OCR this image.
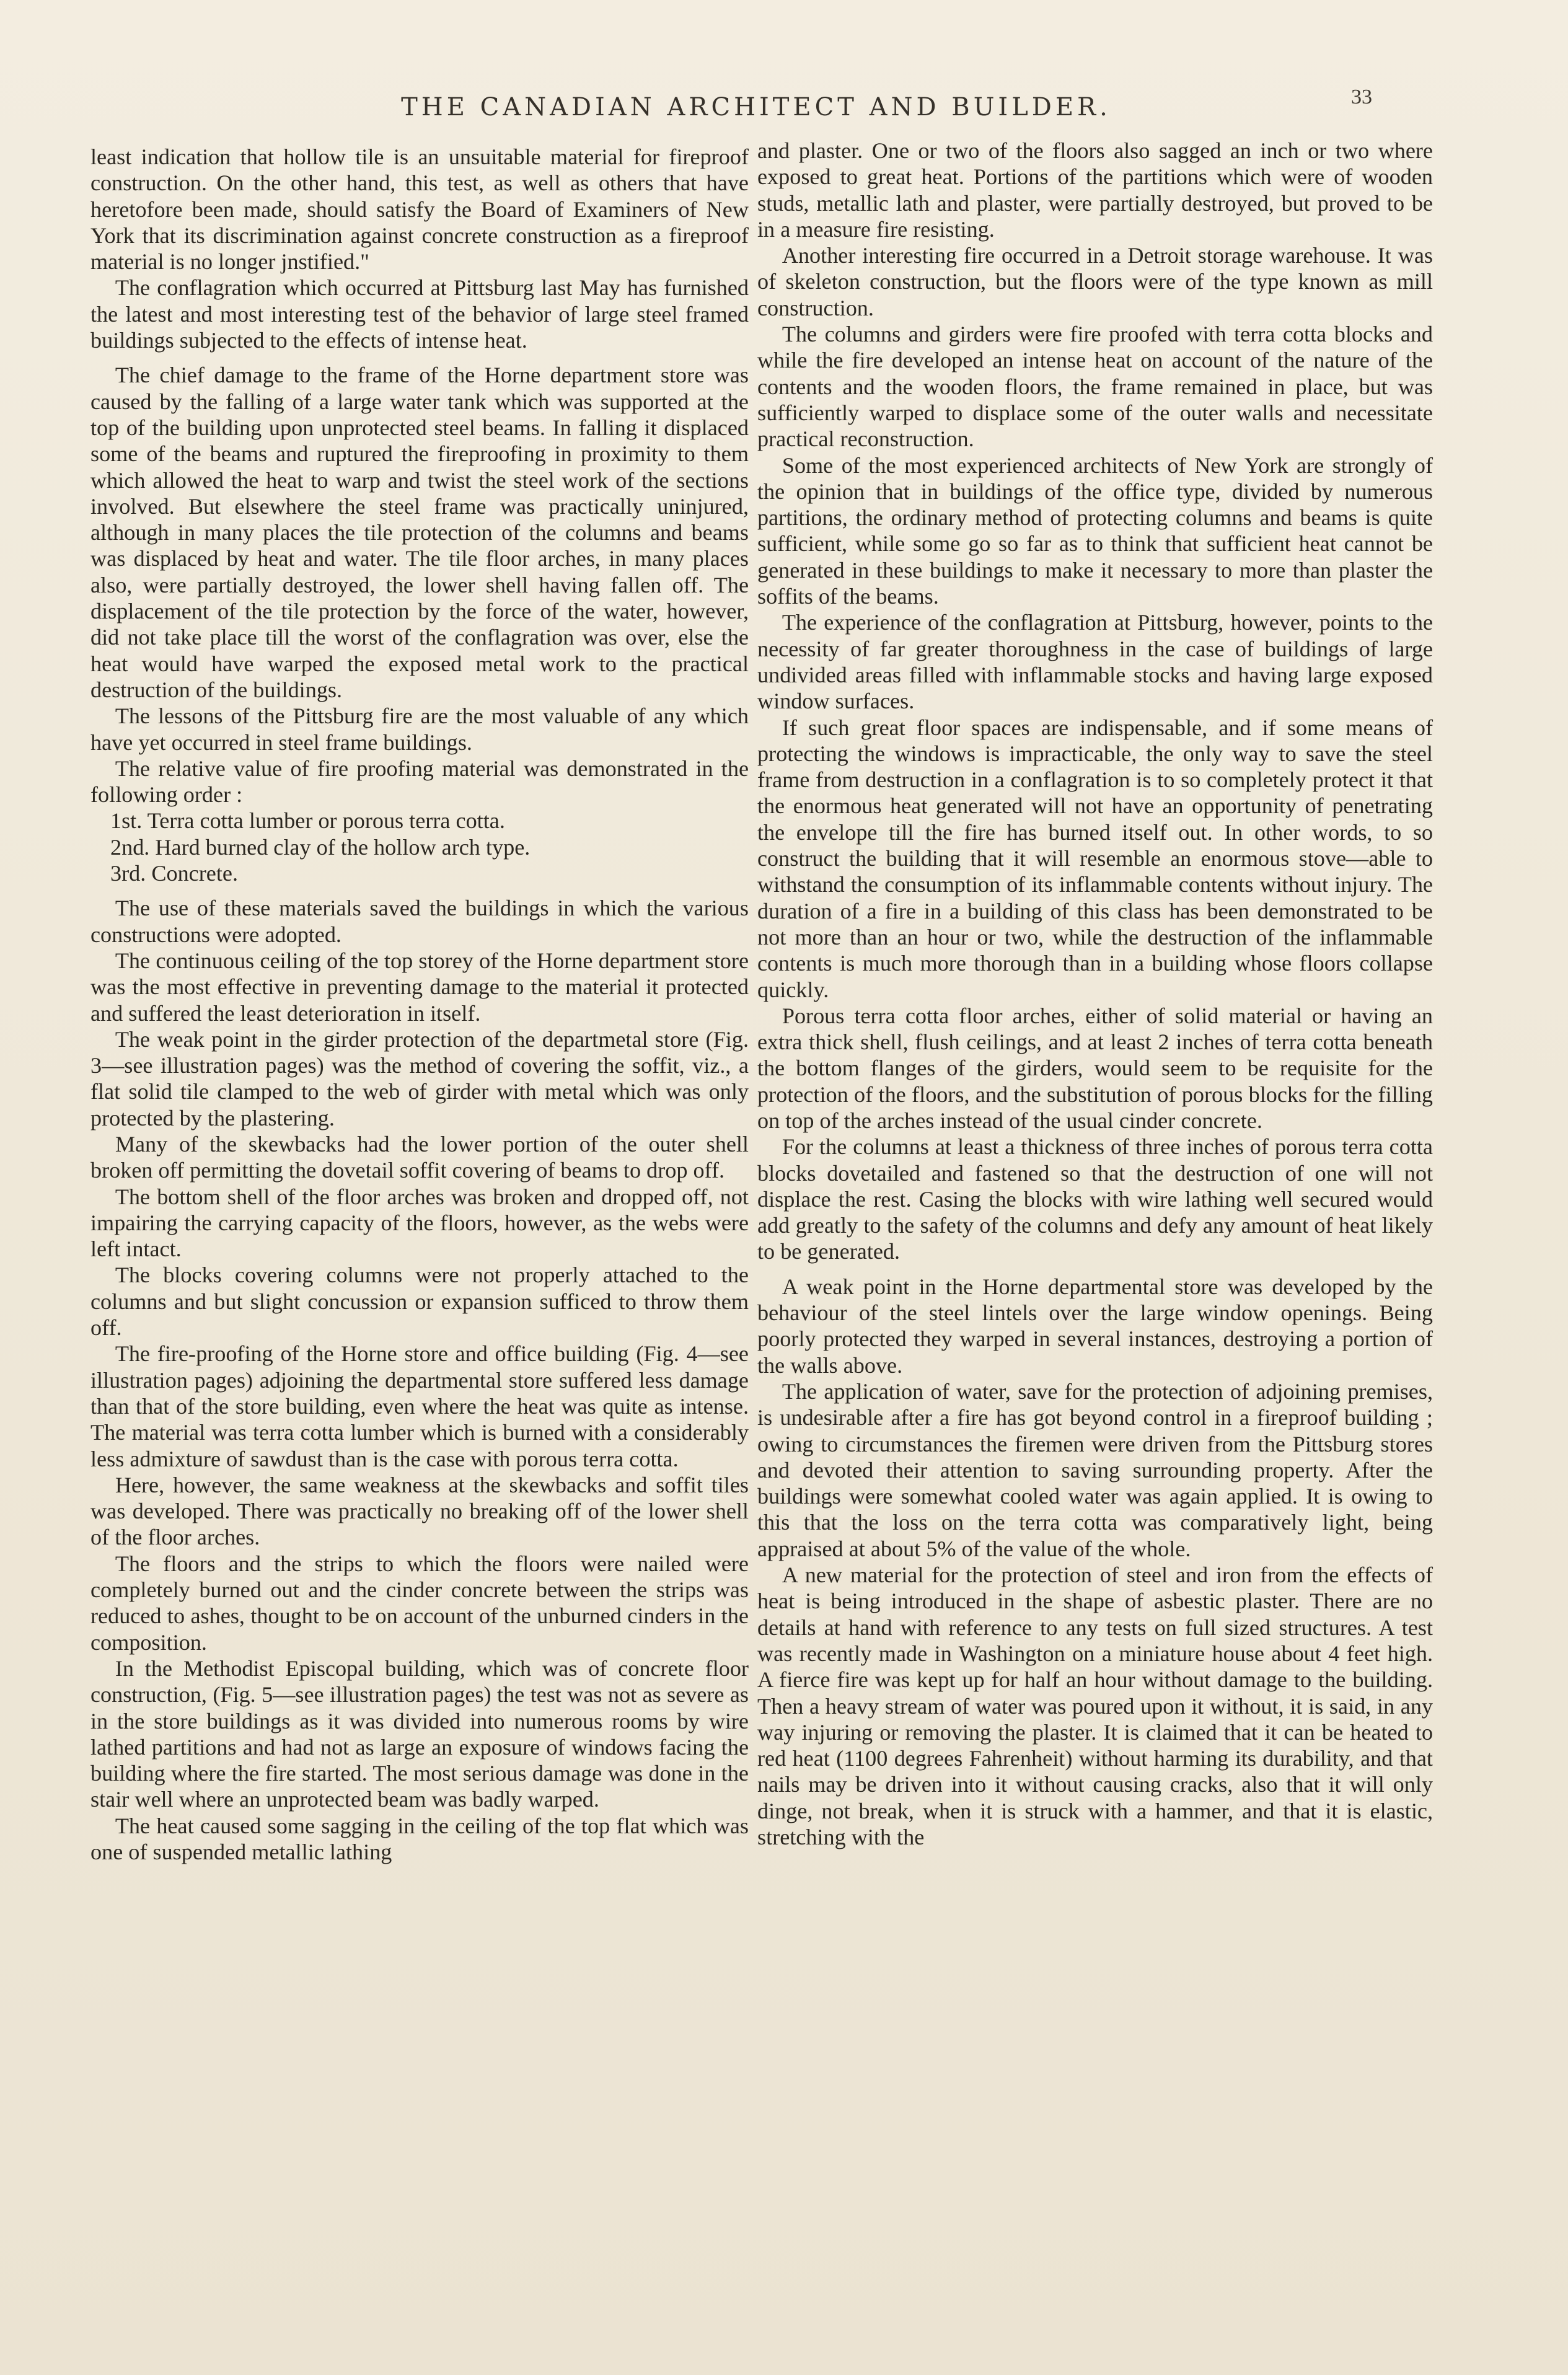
THE CANADIAN ARCHITECT AND BUILDER.	33

least indication that hollow tile is an unsuitable material for fireproof construction. On the other hand, this test, as well as others that have heretofore been made, should satisfy the Board of Examiners of New York that its discrimination against concrete construction as a fireproof material is no longer jnstified."

The conflagration which occurred at Pittsburg last May has furnished the latest and most interesting test of the behavior of large steel framed buildings subjected to the effects of intense heat.

The chief damage to the frame of the Horne department store was caused by the falling of a large water tank which was supported at the top of the building upon unprotected steel beams. In falling it displaced some of the beams and ruptured the fireproofing in proximity to them which allowed the heat to warp and twist the steel work of the sections involved. But elsewhere the steel frame was practically uninjured, although in many places the tile protection of the columns and beams was displaced by heat and water. The tile floor arches, in many places also, were partially destroyed, the lower shell having fallen off. The displacement of the tile protection by the force of the water, however, did not take place till the worst of the conflagration was over, else the heat would have warped the exposed metal work to the practical destruction of the buildings.

The lessons of the Pittsburg fire are the most valuable of any which have yet occurred in steel frame buildings.

The relative value of fire proofing material was demonstrated in the following order :

1st. Terra cotta lumber or porous terra cotta.

2nd. Hard burned clay of the hollow arch type.

3rd. Concrete.

The use of these materials saved the buildings in which the various constructions were adopted.

The continuous ceiling of the top storey of the Horne department store was the most effective in preventing damage to the material it protected and suffered the least deterioration in itself.

The weak point in the girder protection of the departmetal store (Fig. 3—see illustration pages) was the method of covering the soffit, viz., a flat solid tile clamped to the web of girder with metal which was only protected by the plastering.

Many of the skewbacks had the lower portion of the outer shell broken off permitting the dovetail soffit covering of beams to drop off.

The bottom shell of the floor arches was broken and dropped off, not impairing the carrying capacity of the floors, however, as the webs were left intact.

The blocks covering columns were not properly attached to the columns and but slight concussion or expansion sufficed to throw them off.

The fire-proofing of the Horne store and office building (Fig. 4—see illustration pages) adjoining the departmental store suffered less damage than that of the store building, even where the heat was quite as intense. The material was terra cotta lumber which is burned with a considerably less admixture of sawdust than is the case with porous terra cotta.

Here, however, the same weakness at the skewbacks and soffit tiles was developed. There was practically no breaking off of the lower shell of the floor arches.

The floors and the strips to which the floors were nailed were completely burned out and the cinder concrete between the strips was reduced to ashes, thought to be on account of the unburned cinders in the composition.

In the Methodist Episcopal building, which was of concrete floor construction, (Fig. 5—see illustration pages) the test was not as severe as in the store buildings as it was divided into numerous rooms by wire lathed partitions and had not as large an exposure of windows facing the building where the fire started. The most serious damage was done in the stair well where an unprotected beam was badly warped.

The heat caused some sagging in the ceiling of the top flat which was one of suspended metallic lathing

and plaster. One or two of the floors also sagged an inch or two where exposed to great heat. Portions of the partitions which were of wooden studs, metallic lath and plaster, were partially destroyed, but proved to be in a measure fire resisting.

Another interesting fire occurred in a Detroit storage warehouse. It was of skeleton construction, but the floors were of the type known as mill construction.

The columns and girders were fire proofed with terra cotta blocks and while the fire developed an intense heat on account of the nature of the contents and the wooden floors, the frame remained in place, but was sufficiently warped to displace some of the outer walls and necessitate practical reconstruction.

Some of the most experienced architects of New York are strongly of the opinion that in buildings of the office type, divided by numerous partitions, the ordinary method of protecting columns and beams is quite sufficient, while some go so far as to think that sufficient heat cannot be generated in these buildings to make it necessary to more than plaster the soffits of the beams.

The experience of the conflagration at Pittsburg, however, points to the necessity of far greater thoroughness in the case of buildings of large undivided areas filled with inflammable stocks and having large exposed window surfaces.

If such great floor spaces are indispensable, and if some means of protecting the windows is impracticable, the only way to save the steel frame from destruction in a conflagration is to so completely protect it that the enormous heat generated will not have an opportunity of penetrating the envelope till the fire has burned itself out. In other words, to so construct the building that it will resemble an enormous stove—able to withstand the consumption of its inflammable contents without injury. The duration of a fire in a building of this class has been demonstrated to be not more than an hour or two, while the destruction of the inflammable contents is much more thorough than in a building whose floors collapse quickly.

Porous terra cotta floor arches, either of solid material or having an extra thick shell, flush ceilings, and at least 2 inches of terra cotta beneath the bottom flanges of the girders, would seem to be requisite for the protection of the floors, and the substitution of porous blocks for the filling on top of the arches instead of the usual cinder concrete.

For the columns at least a thickness of three inches of porous terra cotta blocks dovetailed and fastened so that the destruction of one will not displace the rest. Casing the blocks with wire lathing well secured would add greatly to the safety of the columns and defy any amount of heat likely to be generated.

A weak point in the Horne departmental store was developed by the behaviour of the steel lintels over the large window openings. Being poorly protected they warped in several instances, destroying a portion of the walls above.

The application of water, save for the protection of adjoining premises, is undesirable after a fire has got beyond control in a fireproof building ; owing to circumstances the firemen were driven from the Pittsburg stores and devoted their attention to saving surrounding property. After the buildings were somewhat cooled water was again applied. It is owing to this that the loss on the terra cotta was comparatively light, being appraised at about 5% of the value of the whole.

A new material for the protection of steel and iron from the effects of heat is being introduced in the shape of asbestic plaster. There are no details at hand with reference to any tests on full sized structures. A test was recently made in Washington on a miniature house about 4 feet high. A fierce fire was kept up for half an hour without damage to the building. Then a heavy stream of water was poured upon it without, it is said, in any way injuring or removing the plaster. It is claimed that it can be heated to red heat (1100 degrees Fahrenheit) without harming its durability, and that nails may be driven into it without causing cracks, also that it will only dinge, not break, when it is struck with a hammer, and that it is elastic, stretching with the
